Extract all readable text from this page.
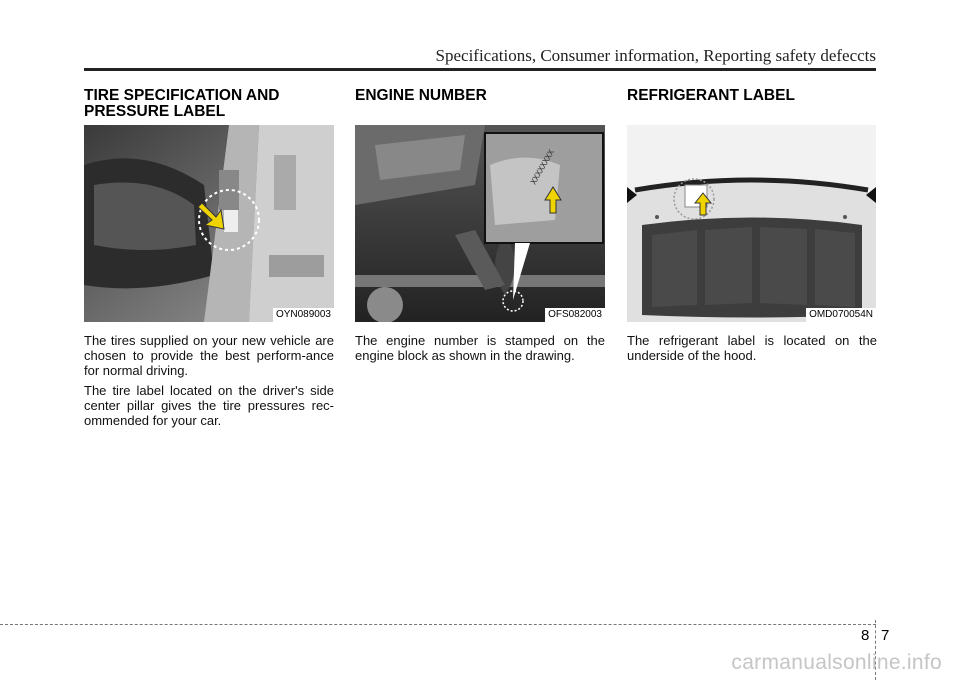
Specifications, Consumer information, Reporting safety defeccts
TIRE SPECIFICATION AND
PRESSURE LABEL
OYN089003

The tires supplied on your new vehicle are chosen to provide the best perform-ance for normal driving.

The tire label located on the driver's side center pillar gives the tire pressures rec-ommended for your car.

ENGINE NUMBER
XXXXXXXX
OFS082003

The engine number is stamped on the engine block as shown in the drawing.

REFRIGERANT LABEL
OMD070054N

The refrigerant label is located on the underside of the hood.

8 7
carmanualsonline.info
